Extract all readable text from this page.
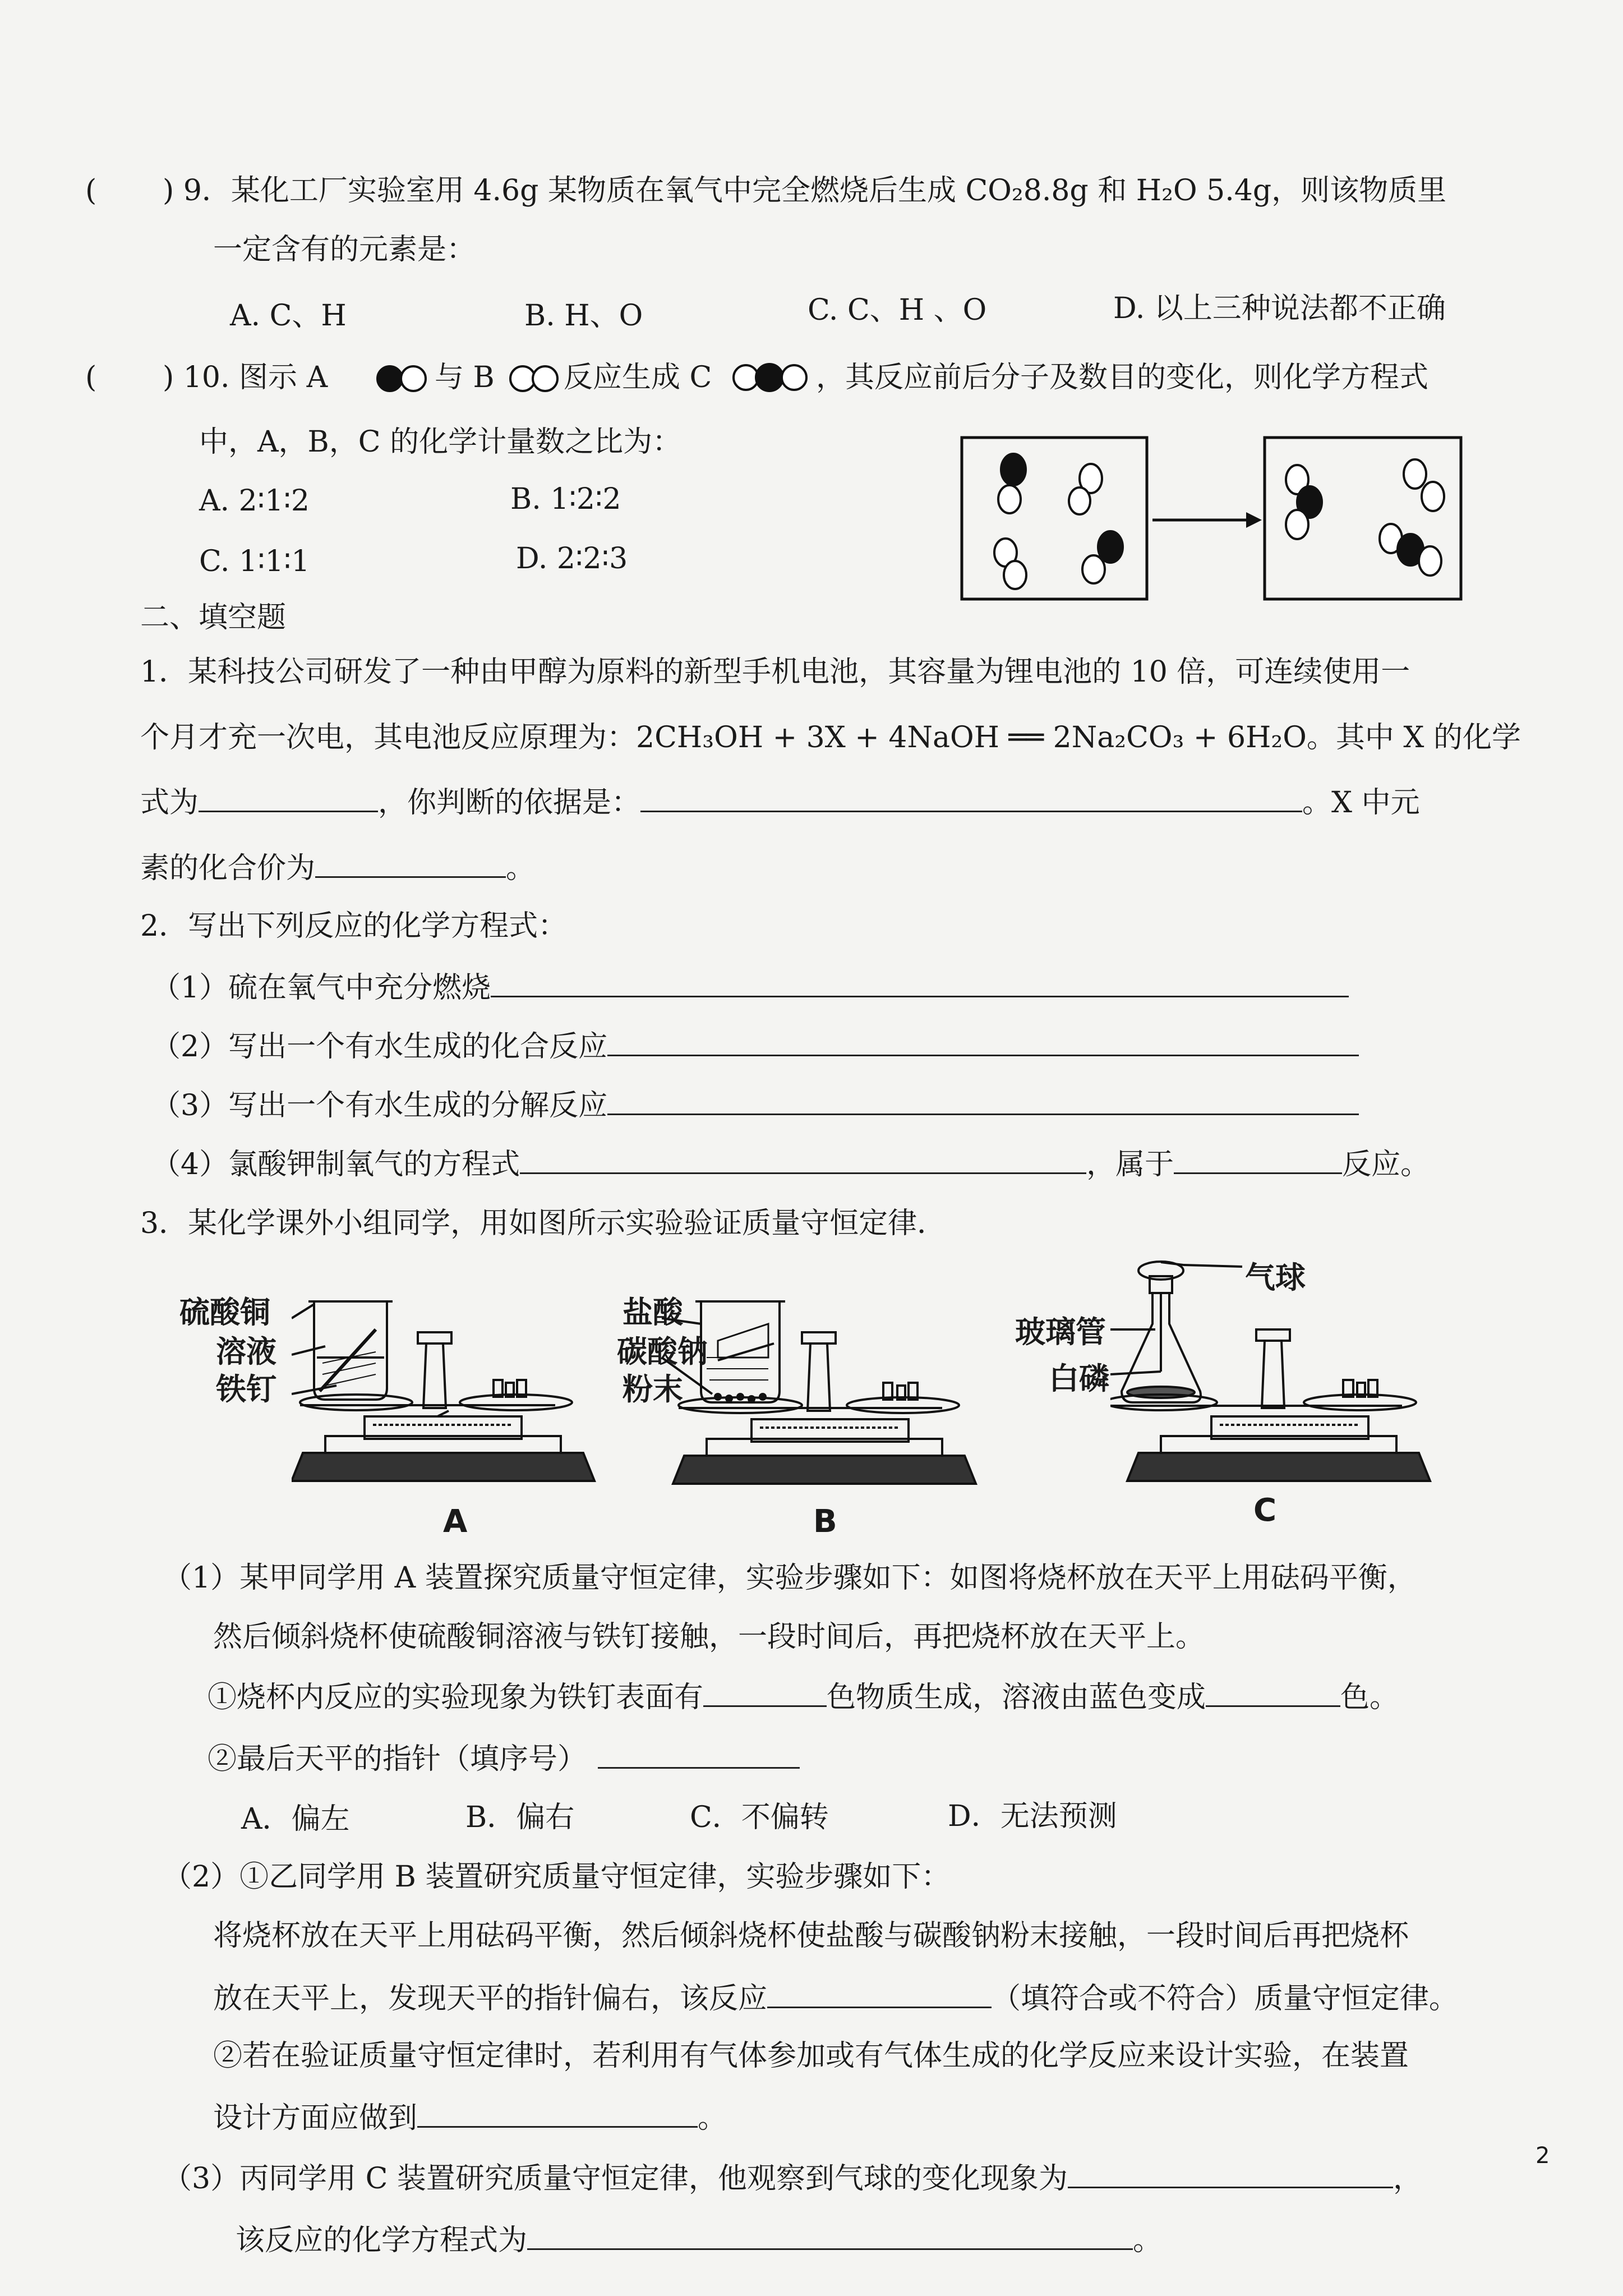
( ) 9．某化工厂实验室用 4.6g 某物质在氧气中完全燃烧后生成 CO₂8.8g 和 H₂O 5.4g，则该物质里
一定含有的元素是：
A. C、H	B. H、O	C. C、H 、O	D. 以上三种说法都不正确
( ) 10. 图示 A	与 B 反应生成 C	，其反应前后分子及数目的变化，则化学方程式
中，A，B，C 的化学计量数之比为：
A. 2∶1∶2	B. 1∶2∶2
C. 1∶1∶1	D. 2∶2∶3
二、填空题
1．某科技公司研发了一种由甲醇为原料的新型手机电池，其容量为锂电池的 10 倍，可连续使用一
个月才充一次电，其电池反应原理为：2CH₃OH + 3X + 4NaOH ══ 2Na₂CO₃ + 6H₂O。其中 X 的化学
式为	，你判断的依据是：	。X 中元
素的化合价为	。
2．写出下列反应的化学方程式：
（1）硫在氧气中充分燃烧
（2）写出一个有水生成的化合反应
（3）写出一个有水生成的分解反应
（4）氯酸钾制氧气的方程式	，属于	反应。
3．某化学课外小组同学，用如图所示实验验证质量守恒定律．
硫酸铜
溶液
铁钉
A
盐酸
碳酸钠
粉末
B
气球
玻璃管
白磷
C
（1）某甲同学用 A 装置探究质量守恒定律，实验步骤如下：如图将烧杯放在天平上用砝码平衡，
然后倾斜烧杯使硫酸铜溶液与铁钉接触，一段时间后，再把烧杯放在天平上。
①烧杯内反应的实验现象为铁钉表面有	色物质生成，溶液由蓝色变成	色。
②最后天平的指针（填序号）
A．偏左	B．偏右	C．不偏转	D．无法预测
（2）①乙同学用 B 装置研究质量守恒定律，实验步骤如下：
将烧杯放在天平上用砝码平衡，然后倾斜烧杯使盐酸与碳酸钠粉末接触，一段时间后再把烧杯
放在天平上，发现天平的指针偏右，该反应	（填符合或不符合）质量守恒定律。
②若在验证质量守恒定律时，若利用有气体参加或有气体生成的化学反应来设计实验，在装置
设计方面应做到	。
（3）丙同学用 C 装置研究质量守恒定律，他观察到气球的变化现象为	，
该反应的化学方程式为	。
2
